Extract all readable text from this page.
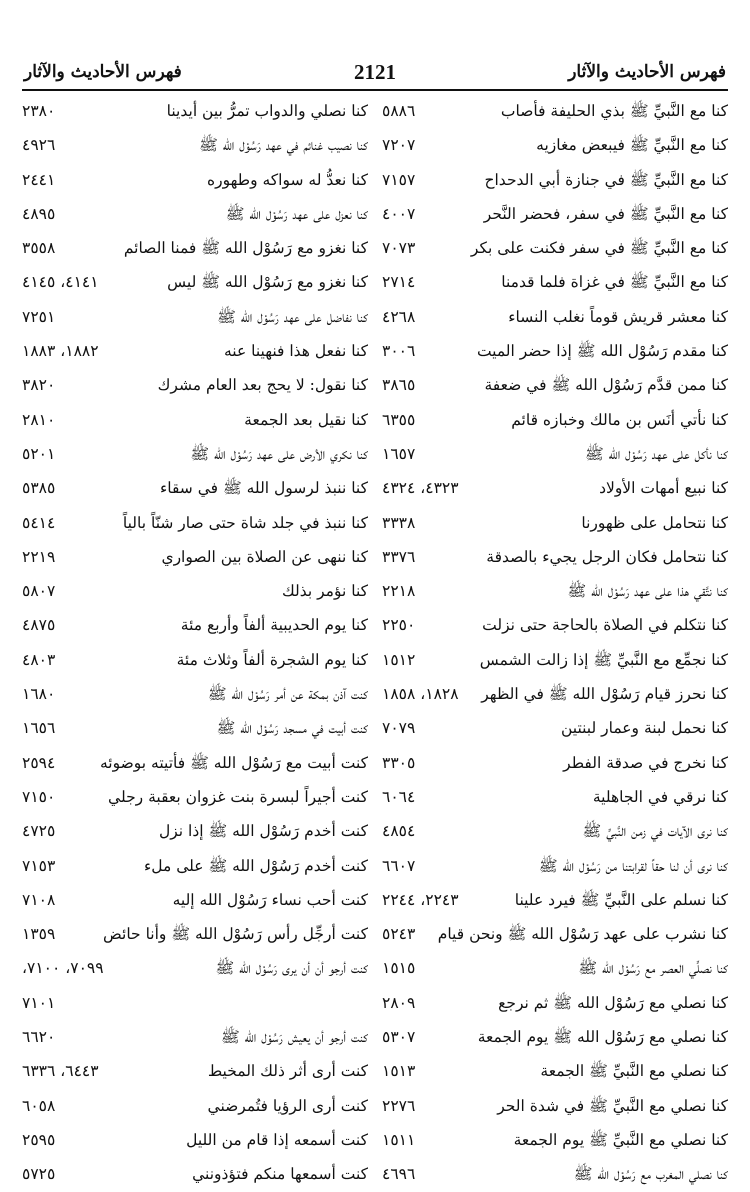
فهرس الأحاديث والآثار
2121
فهرس الأحاديث والآثار
كنا مع النَّبيِّ ﷺ بذي الحليفة فأصاب
٥٨٨٦
كنا مع النَّبيِّ ﷺ فيبعض مغازيه
٧٢٠٧
كنا مع النَّبيِّ ﷺ في جنازة أبي الدحداح
٧١٥٧
كنا مع النَّبيِّ ﷺ في سفر، فحضر النَّحر
٤٠٠٧
كنا مع النَّبيِّ ﷺ في سفر فكنت على بكر
٧٠٧٣
كنا مع النَّبيِّ ﷺ في غزاة فلما قدمنا
٢٧١٤
كنا معشر قريش قوماً نغلب النساء
٤٢٦٨
كنا مقدم رَسُوْل الله ﷺ إذا حضر الميت
٣٠٠٦
كنا ممن قدَّم رَسُوْل الله ﷺ في ضعفة
٣٨٦٥
كنا نأتي أنَس بن مالك وخبازه قائم
٦٣٥٥
كنا نأكل على عهد رَسُوْل الله ﷺ
١٦٥٧
كنا نبيع أمهات الأولاد
٤٣٢٣، ٤٣٢٤
كنا نتحامل على ظهورنا
٣٣٣٨
كنا نتحامل فكان الرجل يجيء بالصدقة
٣٣٧٦
كنا نتَّقي هذا على عهد رَسُوْل الله ﷺ
٢٢١٨
كنا نتكلم في الصلاة بالحاجة حتى نزلت
٢٢٥٠
كنا نجمِّع مع النَّبيِّ ﷺ إذا زالت الشمس
١٥١٢
كنا نحرز قيام رَسُوْل الله ﷺ في الظهر
١٨٢٨، ١٨٥٨
كنا نحمل لبنة وعمار لبنتين
٧٠٧٩
كنا نخرج في صدقة الفطر
٣٣٠٥
كنا نرقي في الجاهلية
٦٠٦٤
كنا نرى الآيات في زمن النَّبيِّ ﷺ
٤٨٥٤
كنا نرى أن لنا حقاً لقرابتنا من رَسُوْل الله ﷺ
٦٦٠٧
كنا نسلم على النَّبيِّ ﷺ فيرد علينا
٢٢٤٣، ٢٢٤٤
كنا نشرب على عهد رَسُوْل الله ﷺ ونحن قيام
٥٢٤٣
كنا نصلِّي العصر مع رَسُوْل الله ﷺ
١٥١٥
كنا نصلي مع رَسُوْل الله ﷺ ثم نرجع
٢٨٠٩
كنا نصلي مع رَسُوْل الله ﷺ يوم الجمعة
٥٣٠٧
كنا نصلي مع النَّبيِّ ﷺ الجمعة
١٥١٣
كنا نصلي مع النَّبيِّ ﷺ في شدة الحر
٢٢٧٦
كنا نصلي مع النَّبيِّ ﷺ يوم الجمعة
١٥١١
كنا نصلي المغرب مع رَسُوْل الله ﷺ
٤٦٩٦
كنا نصلي والدواب تمرُّ بين أيدينا
٢٣٨٠
كنا نصيب غنائم في عهد رَسُوْل الله ﷺ
٤٩٢٦
كنا نعدُّ له سواكه وطهوره
٢٤٤١
كنا نعزل على عهد رَسُوْل الله ﷺ
٤٨٩٥
كنا نغزو مع رَسُوْل الله ﷺ فمنا الصائم
٣٥٥٨
كنا نغزو مع رَسُوْل الله ﷺ ليس
٤١٤١، ٤١٤٥
كنا نفاضل على عهد رَسُوْل الله ﷺ
٧٢٥١
كنا نفعل هذا فنهينا عنه
١٨٨٢، ١٨٨٣
كنا نقول: لا يحج بعد العام مشرك
٣٨٢٠
كنا نقيل بعد الجمعة
٢٨١٠
كنا نكري الأرض على عهد رَسُوْل الله ﷺ
٥٢٠١
كنا ننبذ لرسول الله ﷺ في سقاء
٥٣٨٥
كنا ننبذ في جلد شاة حتى صار شنّاً بالياً
٥٤١٤
كنا ننهى عن الصلاة بين الصواري
٢٢١٩
كنا نؤمر بذلك
٥٨٠٧
كنا يوم الحديبية ألفاً وأربع مئة
٤٨٧٥
كنا يوم الشجرة ألفاً وثلاث مئة
٤٨٠٣
كنت آذن بمكة عن أمر رَسُوْل الله ﷺ
١٦٨٠
كنت أبيت في مسجد رَسُوْل الله ﷺ
١٦٥٦
كنت أبيت مع رَسُوْل الله ﷺ فأتيته بوضوئه
٢٥٩٤
كنت أجيراً لبسرة بنت غزوان بعقبة رجلي
٧١٥٠
كنت أخدم رَسُوْل الله ﷺ إذا نزل
٤٧٢٥
كنت أخدم رَسُوْل الله ﷺ على ملء
٧١٥٣
كنت أحب نساء رَسُوْل الله إليه
٧١٠٨
كنت أرجِّل رأس رَسُوْل الله ﷺ وأنا حائض
١٣٥٩
كنت أرجو أن أن يرى رَسُوْل الله ﷺ
٧٠٩٩، ٧١٠٠،
٧١٠١
كنت أرجو أن يعيش رَسُوْل الله ﷺ
٦٦٢٠
كنت أرى أثر ذلك المخيط
٦٤٤٣، ٦٣٣٦
كنت أرى الرؤيا فتُمرضني
٦٠٥٨
كنت أسمعه إذا قام من الليل
٢٥٩٥
كنت أسمعها منكم فتؤذونني
٥٧٢٥
